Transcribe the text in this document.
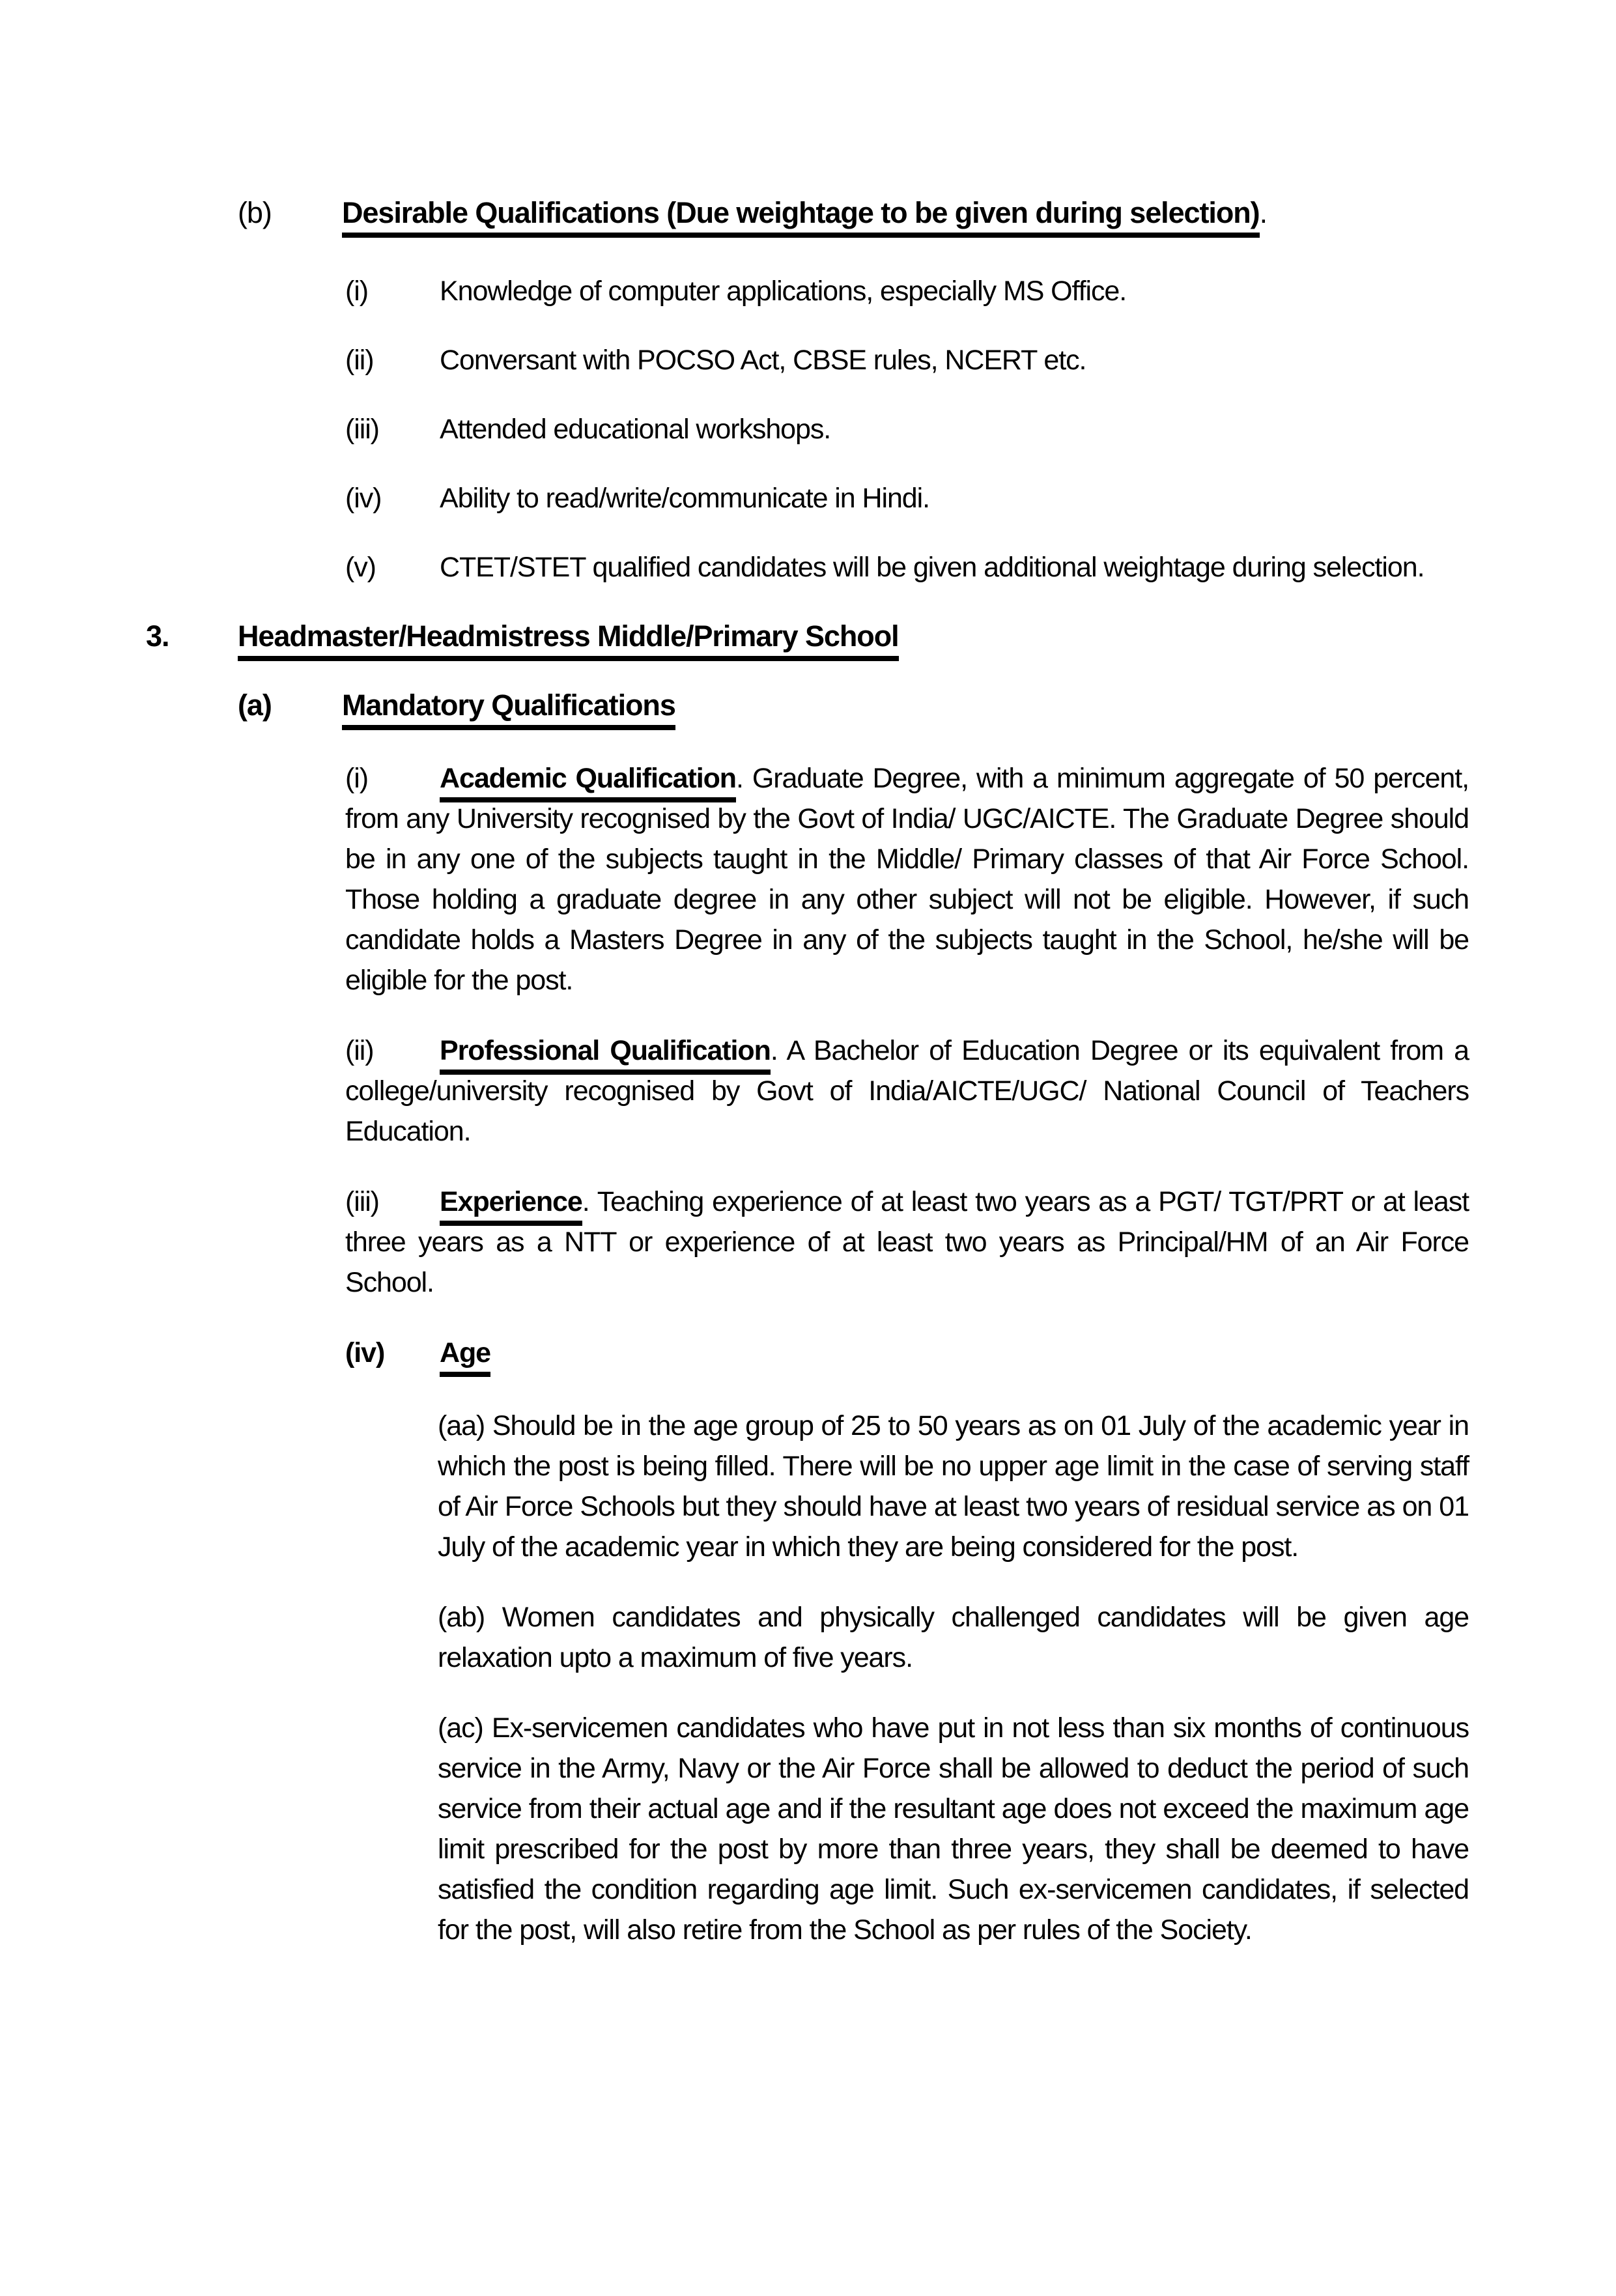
(b) Desirable Qualifications (Due weightage to be given during selection).
(i)	Knowledge of computer applications, especially MS Office.
(ii) Conversant with POCSO Act, CBSE rules, NCERT etc.
(iii) Attended educational workshops.
(iv) Ability to read/write/communicate in Hindi.
(v) CTET/STET qualified candidates will be given additional weightage during selection.
3. Headmaster/Headmistress Middle/Primary School
(a) Mandatory Qualifications
(i)	Academic Qualification. Graduate Degree, with a minimum aggregate of 50 percent, from any University recognised by the Govt of India/ UGC/AICTE. The Graduate Degree should be in any one of the subjects taught in the Middle/ Primary classes of that Air Force School. Those holding a graduate degree in any other subject will not be eligible. However, if such candidate holds a Masters Degree in any of the subjects taught in the School, he/she will be eligible for the post.
(ii) Professional Qualification. A Bachelor of Education Degree or its equivalent from a college/university recognised by Govt of India/AICTE/UGC/ National Council of Teachers Education.
(iii) Experience. Teaching experience of at least two years as a PGT/ TGT/PRT or at least three years as a NTT or experience of at least two years as Principal/HM of an Air Force School.
(iv) Age
(aa) Should be in the age group of 25 to 50 years as on 01 July of the academic year in which the post is being filled. There will be no upper age limit in the case of serving staff of Air Force Schools but they should have at least two years of residual service as on 01 July of the academic year in which they are being considered for the post.
(ab) Women candidates and physically challenged candidates will be given age relaxation upto a maximum of five years.
(ac) Ex-servicemen candidates who have put in not less than six months of continuous service in the Army, Navy or the Air Force shall be allowed to deduct the period of such service from their actual age and if the resultant age does not exceed the maximum age limit prescribed for the post by more than three years, they shall be deemed to have satisfied the condition regarding age limit. Such ex-servicemen candidates, if selected for the post, will also retire from the School as per rules of the Society.
